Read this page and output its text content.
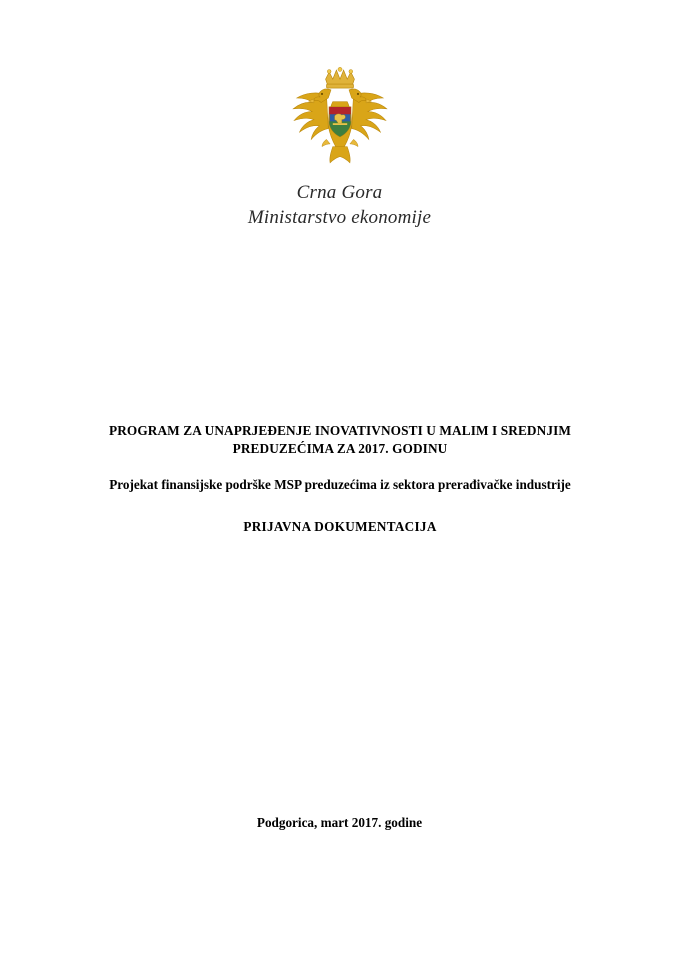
Crna Gora
Ministarstvo ekonomije
PROGRAM ZA UNAPRJEĐENJE INOVATIVNOSTI U MALIM I SREDNJIM PREDUZEĆIMA ZA 2017. GODINU
Projekat finansijske podrške MSP preduzećima iz sektora prerađivačke industrije
PRIJAVNA DOKUMENTACIJA
Podgorica, mart 2017. godine
